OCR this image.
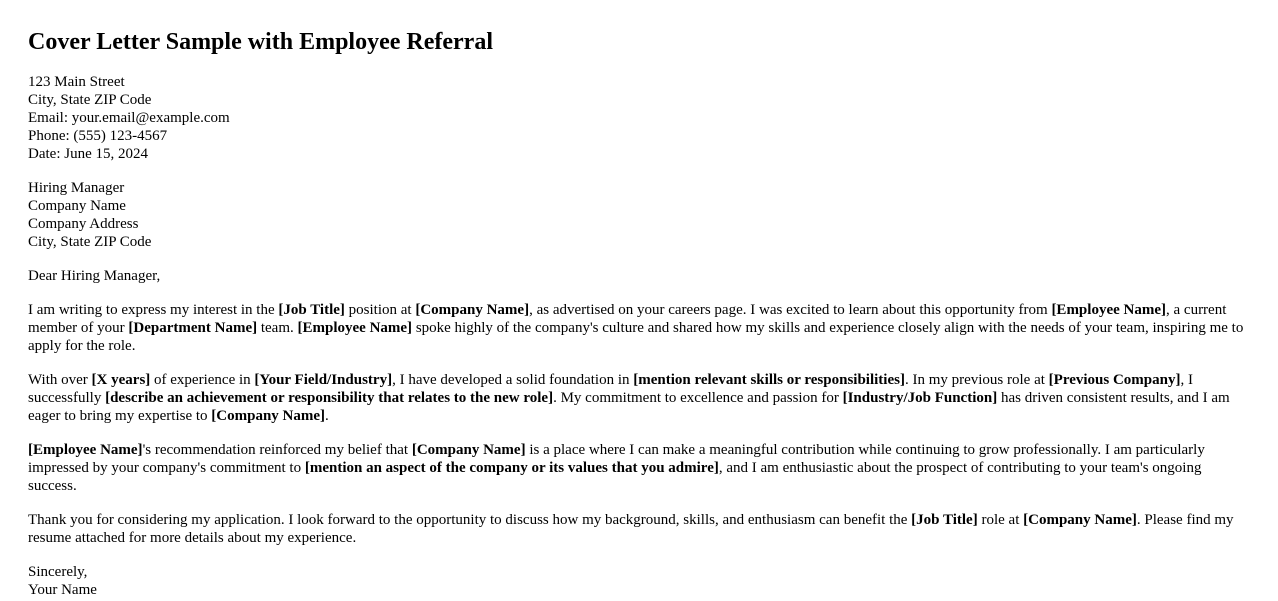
Cover Letter Sample with Employee Referral
123 Main Street
City, State ZIP Code
Email: your.email@example.com
Phone: (555) 123-4567
Date: June 15, 2024
Hiring Manager
Company Name
Company Address
City, State ZIP Code

Dear Hiring Manager,

I am writing to express my interest in the [Job Title] position at [Company Name], as advertised on your careers page. I was excited to learn about this opportunity from [Employee Name], a current member of your [Department Name] team. [Employee Name] spoke highly of the company's culture and shared how my skills and experience closely align with the needs of your team, inspiring me to apply for the role.

With over [X years] of experience in [Your Field/Industry], I have developed a solid foundation in [mention relevant skills or responsibilities]. In my previous role at [Previous Company], I successfully [describe an achievement or responsibility that relates to the new role]. My commitment to excellence and passion for [Industry/Job Function] has driven consistent results, and I am eager to bring my expertise to [Company Name].

[Employee Name]'s recommendation reinforced my belief that [Company Name] is a place where I can make a meaningful contribution while continuing to grow professionally. I am particularly impressed by your company's commitment to [mention an aspect of the company or its values that you admire], and I am enthusiastic about the prospect of contributing to your team's ongoing success.

Thank you for considering my application. I look forward to the opportunity to discuss how my background, skills, and enthusiasm can benefit the [Job Title] role at [Company Name]. Please find my resume attached for more details about my experience.

Sincerely,
Your Name
